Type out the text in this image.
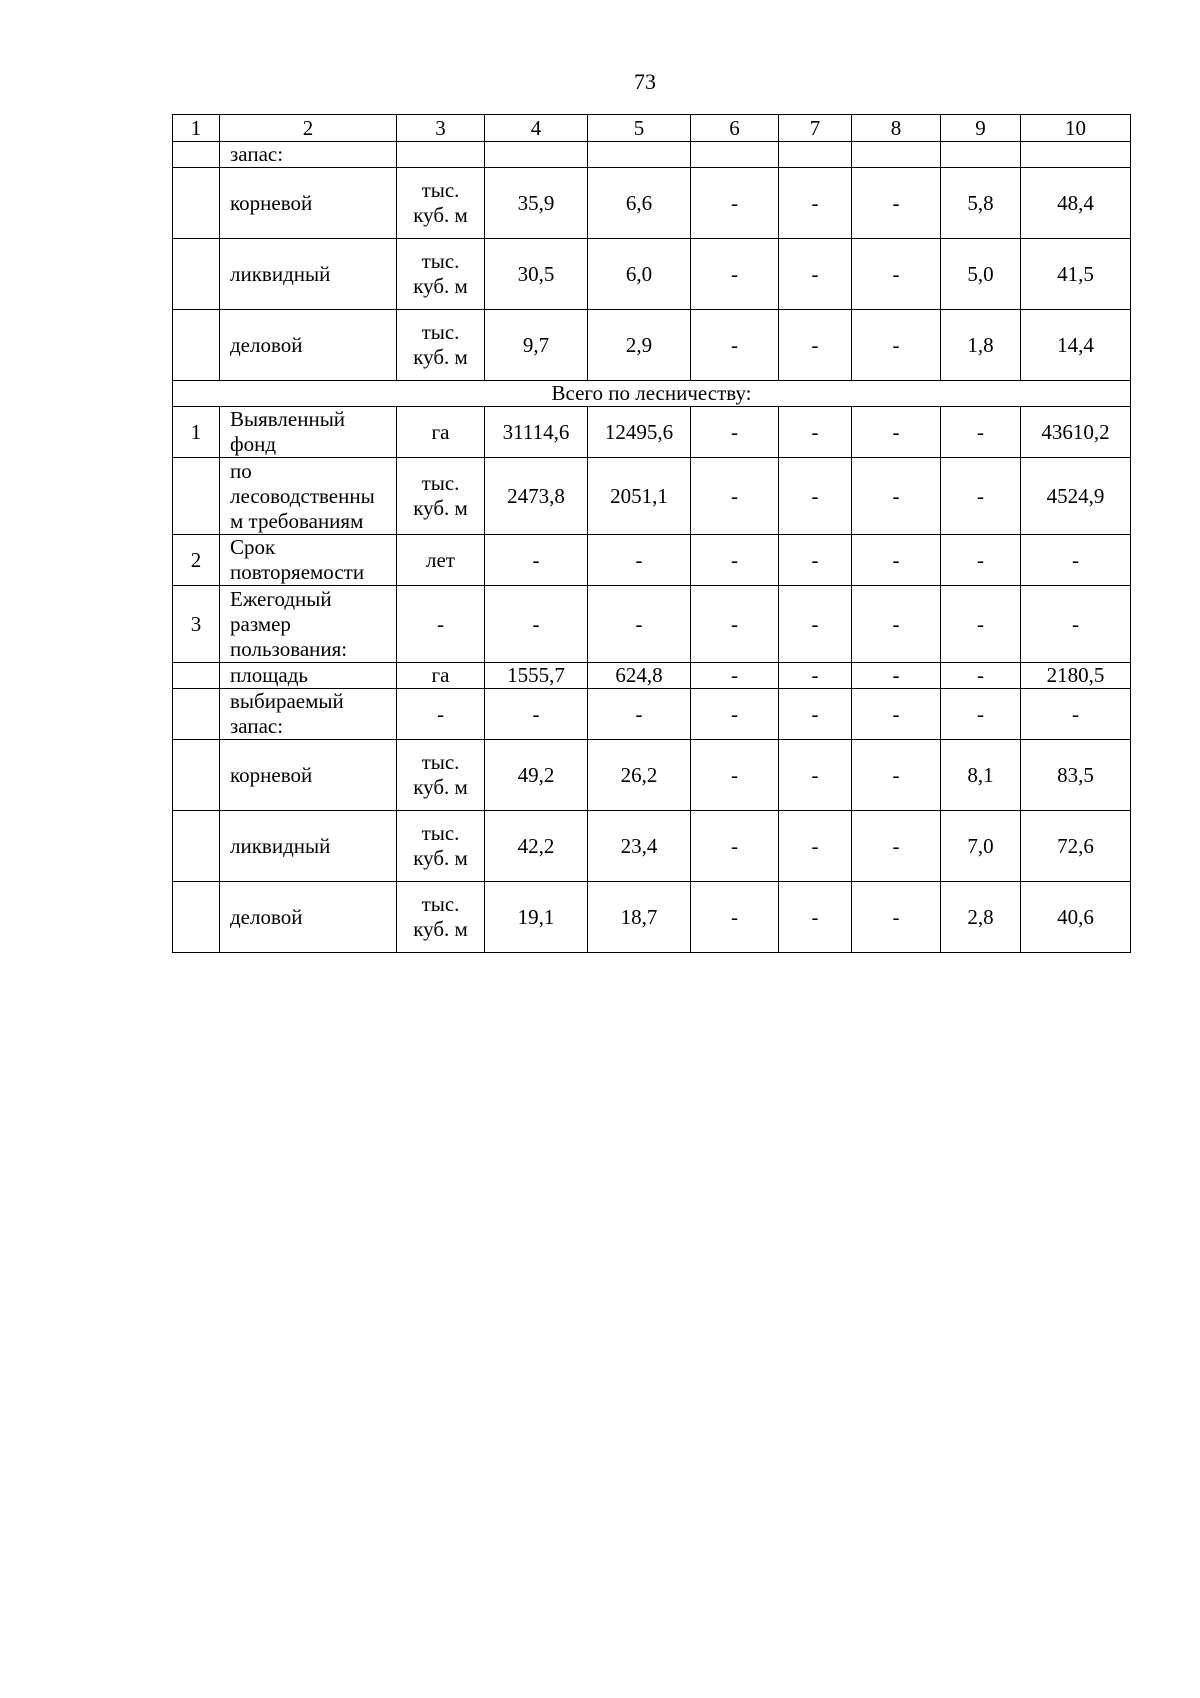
73
1	2	3	4	5	6	7	8	9	10

	запас:								

	корневой	тыс.
куб. м	35,9	6,6	-	-	-	5,8	48,4

	ликвидный	тыс.
куб. м	30,5	6,0	-	-	-	5,0	41,5

	деловой	тыс.
куб. м	9,7	2,9	-	-	-	1,8	14,4
Всего по лесничеству:									
1	Выявленный
фонд	га	31114,6	12495,6	-	-	-	-	43610,2

	по
лесоводственны
м требованиям	тыс.
куб. м	2473,8	2051,1	-	-	-	-	4524,9
2	Срок
повторяемости	лет	-	-	-	-	-	-	-
3	Ежегодный
размер
пользования:	-	-	-	-	-	-	-	-

	площадь	га	1555,7	624,8	-	-	-	-	2180,5

	выбираемый
запас:	-	-	-	-	-	-	-	-

	корневой	тыс.
куб. м	49,2	26,2	-	-	-	8,1	83,5

	ликвидный	тыс.
куб. м	42,2	23,4	-	-	-	7,0	72,6

	деловой	тыс.
куб. м	19,1	18,7	-	-	-	2,8	40,6
